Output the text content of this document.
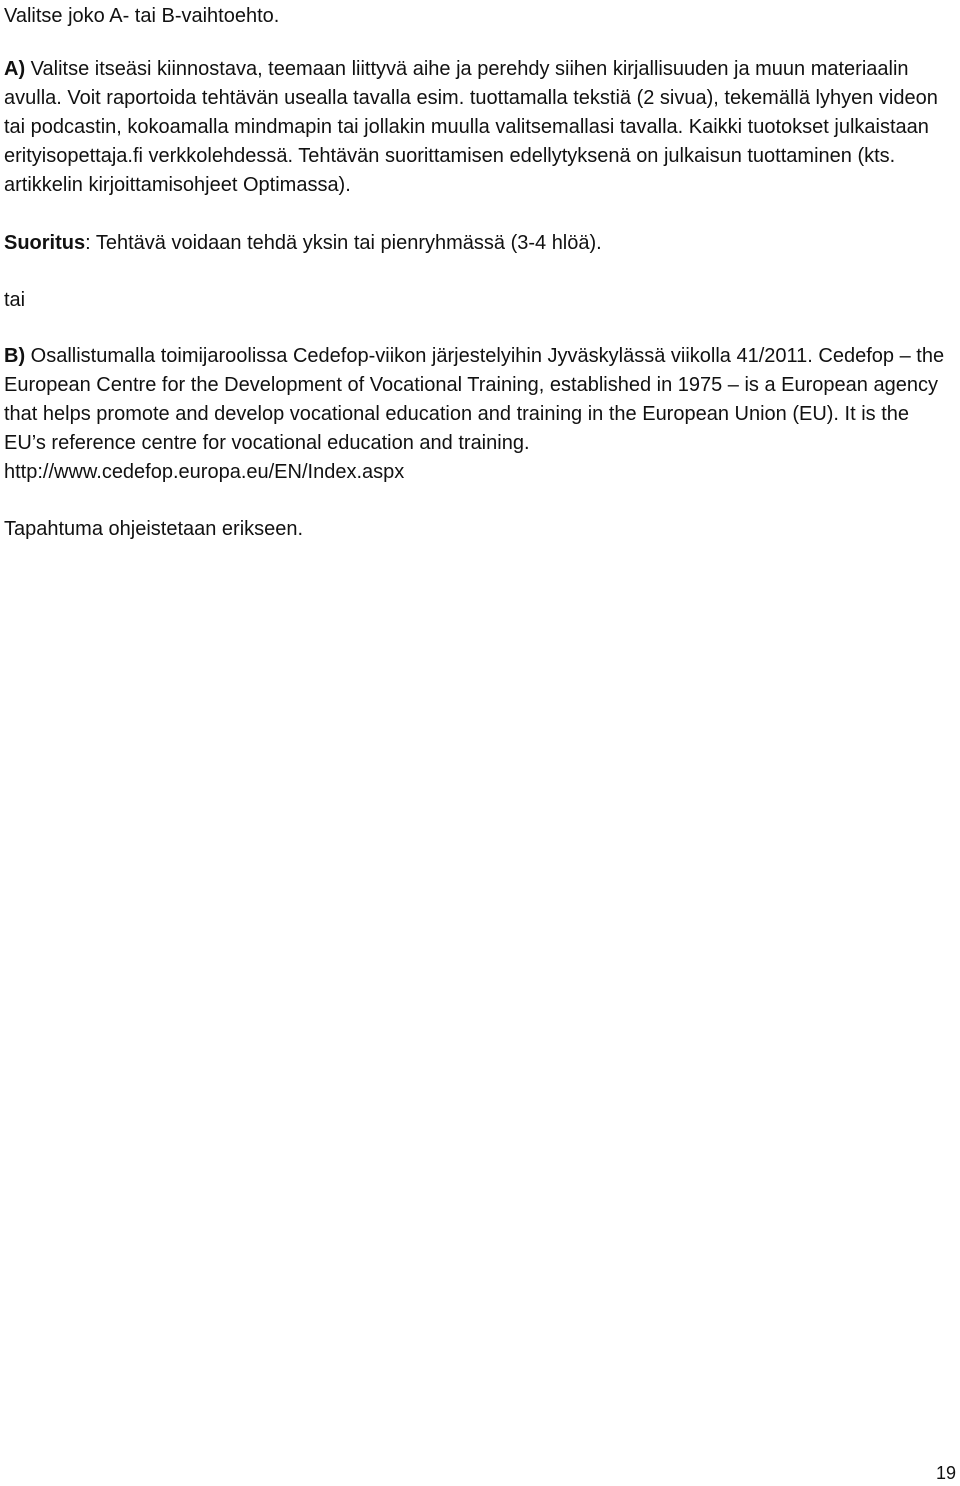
Valitse joko A- tai B-vaihtoehto.

A) Valitse itseäsi kiinnostava, teemaan liittyvä aihe ja perehdy siihen kirjallisuuden ja muun materiaalin avulla. Voit raportoida tehtävän usealla tavalla esim. tuottamalla tekstiä (2 sivua), tekemällä lyhyen videon tai podcastin, kokoamalla mindmapin tai jollakin muulla valitsemallasi tavalla. Kaikki tuotokset julkaistaan erityisopettaja.fi verkkolehdessä. Tehtävän suorittamisen edellytyksenä on julkaisun tuottaminen (kts. artikkelin kirjoittamisohjeet Optimassa).

Suoritus: Tehtävä voidaan tehdä yksin tai pienryhmässä (3-4 hlöä).

tai

B) Osallistumalla toimijaroolissa Cedefop-viikon järjestelyihin Jyväskylässä viikolla 41/2011. Cedefop – the European Centre for the Development of Vocational Training, established in 1975 – is a European agency that helps promote and develop vocational education and training in the European Union (EU). It is the EU’s reference centre for vocational education and training.

http://www.cedefop.europa.eu/EN/Index.aspx

Tapahtuma ohjeistetaan erikseen.

19
